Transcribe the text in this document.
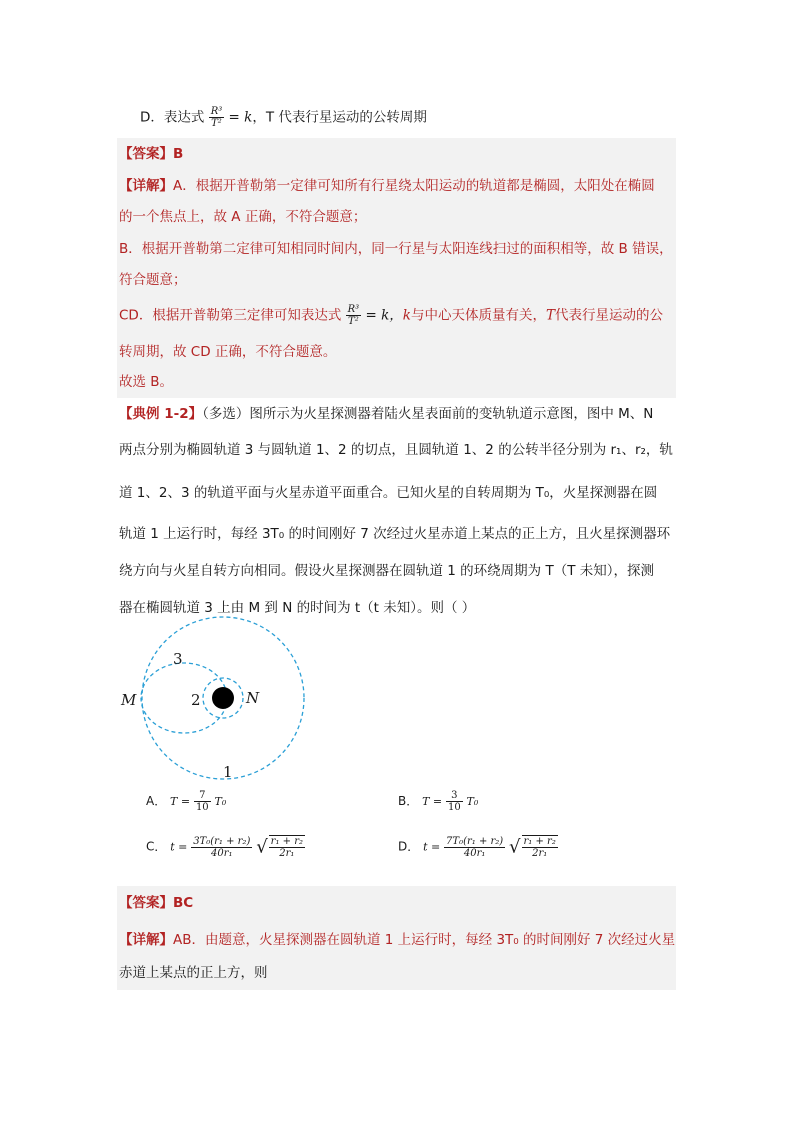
D．表达式 $\frac{\text{R³}}{\text{T²}} = k$，T 代表行星运动的公转周期
【答案】B
【详解】A．根据开普勒第一定律可知所有行星绕太阳运动的轨道都是椭圆，太阳处在椭圆
的一个焦点上，故 A 正确，不符合题意；
B．根据开普勒第二定律可知相同时间内，同一行星与太阳连线扫过的面积相等，故 B 错误，
符合题意；
CD．根据开普勒第三定律可知表达式 $\frac{\text{R³}}{\text{T²}} = k$，k与中心天体质量有关，T代表行星运动的公
转周期，故 CD 正确，不符合题意。
故选 B。
【典例 1-2】（多选）图所示为火星探测器着陆火星表面前的变轨轨道示意图，图中 M、N
两点分别为椭圆轨道 3 与圆轨道 1、2 的切点，且圆轨道 1、2 的公转半径分别为 r₁、r₂，轨
道 1、2、3 的轨道平面与火星赤道平面重合。已知火星的自转周期为 T₀，火星探测器在圆
轨道 1 上运行时，每经 3T₀ 的时间刚好 7 次经过火星赤道上某点的正上方，且火星探测器环
绕方向与火星自转方向相同。假设火星探测器在圆轨道 1 的环绕周期为 T（T 未知），探测
器在椭圆轨道 3 上由 M 到 N 的时间为 t（t 未知）。则（ ）
3
2
1
M	N
A． $T = \frac{7}{10} T_0$	B． $T = \frac{3}{10} T_0$
C． $t = \frac{\text{3T₀(r₁ + r₂)}}{\text{40r₁}}$ √ $\frac{\text{r₁ + r₂}}{\text{2r₁}}$	D． $t = \frac{\text{7T₀(r₁ + r₂)}}{\text{40r₁}}$ √ $\frac{\text{r₁ + r₂}}{\text{2r₁}}$
【答案】BC
【详解】AB．由题意，火星探测器在圆轨道 1 上运行时，每经 3T₀ 的时间刚好 7 次经过火星
赤道上某点的正上方，则
